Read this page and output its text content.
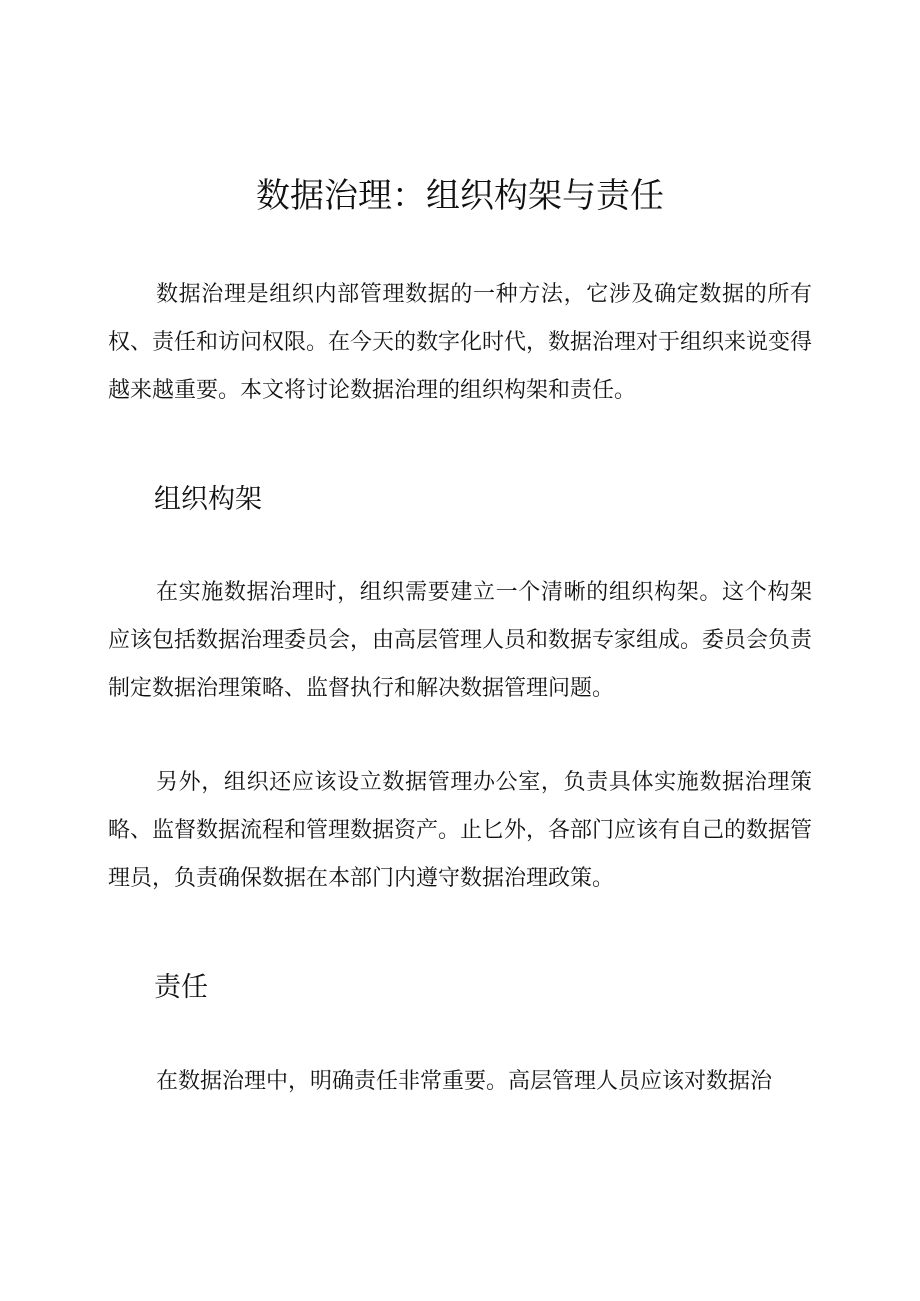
数据治理：组织构架与责任

数据治理是组织内部管理数据的一种方法，它涉及确定数据的所有权、责任和访问权限。在今天的数字化时代，数据治理对于组织来说变得越来越重要。本文将讨论数据治理的组织构架和责任。

组织构架

在实施数据治理时，组织需要建立一个清晰的组织构架。这个构架应该包括数据治理委员会，由高层管理人员和数据专家组成。委员会负责制定数据治理策略、监督执行和解决数据管理问题。

另外，组织还应该设立数据管理办公室，负责具体实施数据治理策略、监督数据流程和管理数据资产。止匕外，各部门应该有自己的数据管理员，负责确保数据在本部门内遵守数据治理政策。

责任

在数据治理中，明确责任非常重要。高层管理人员应该对数据治
